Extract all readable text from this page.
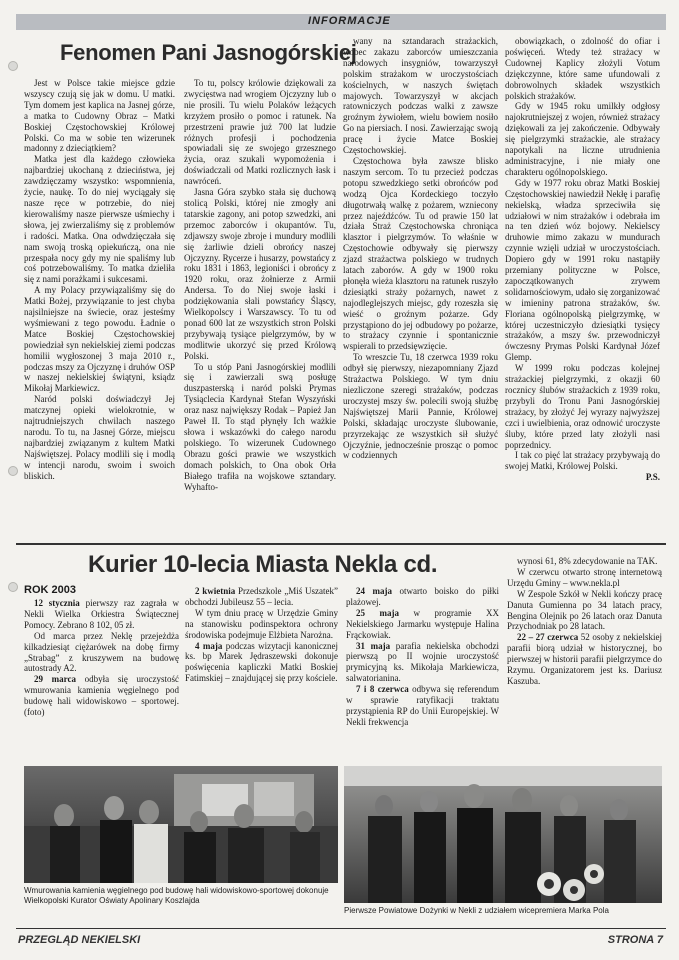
INFORMACJE
Fenomen Pani Jasnogórskiej

Jest w Polsce takie miejsce gdzie wszyscy czują się jak w domu. U matki. Tym domem jest kaplica na Jasnej górze, a matka to Cudowny Obraz – Matki Boskiej Częstochowskiej Królowej Polski. Co ma w sobie ten wizerunek madonny z dzieciątkiem?

Matka jest dla każdego człowieka najbardziej ukochaną z dzieciństwa, jej zawdzięczamy wszystko: wspomnienia, życie, naukę. To do niej wyciągały się nasze ręce w potrzebie, do niej kierowaliśmy nasze pierwsze uśmiechy i słowa, jej zwierzaliśmy się z problemów i radości. Matka. Ona odwdzięczała się nam swoją troską opiekuńczą, ona nie przespała nocy gdy my nie spaliśmy lub coś potrzebowaliśmy. To matka dzieliła się z nami porażkami i sukcesami.

A my Polacy przywiązaliśmy się do Matki Bożej, przywiązanie to jest chyba najsilniejsze na świecie, oraz jesteśmy wyśmiewani z tego powodu. Ładnie o Matce Boskiej Częstochowskiej powiedział syn nekielskiej ziemi podczas homilii wygłoszonej 3 maja 2010 r., podczas mszy za Ojczyznę i druhów OSP w naszej nekielskiej świątyni, ksiądz Mikołaj Markiewicz.

Naród polski doświadczył Jej matczynej opieki wielokrotnie, w najtrudniejszych chwilach naszego narodu. To tu, na Jasnej Górze, miejscu najbardziej związanym z kultem Matki Najświętszej. Polacy modlili się i modlą w intencji narodu, swoim i swoich bliskich.

To tu, polscy królowie dziękowali za zwycięstwa nad wrogiem Ojczyzny lub o nie prosili. Tu wielu Polaków leżących krzyżem prosiło o pomoc i ratunek. Na przestrzeni prawie już 700 lat ludzie różnych profesji i pochodzenia spowiadali się ze swojego grzesznego życia, oraz szukali wypomożenia i doświadczali od Matki rozlicznych łask i nawróceń.

Jasna Góra szybko stała się duchową stolicą Polski, której nie zmogły ani tatarskie zagony, ani potop szwedzki, ani przemoc zaborców i okupantów. Tu, zdjawszy swoje zbroje i mundury modlili się żarliwie dzieli obrońcy naszej Ojczyzny. Rycerze i husarzy, powstańcy z roku 1831 i 1863, legioniści i obrońcy z 1920 roku, oraz żołnierze z Armii Andersa. To do Niej swoje łaski i podziękowania słali powstańcy Śląscy, Wielkopolscy i Warszawscy. To tu od ponad 600 lat ze wszystkich stron Polski przybywają tysiące pielgrzymów, by w modlitwie ukorzyć się przed Królową Polski.

To u stóp Pani Jasnogórskiej modlili się i zawierzali swą posługę duszpasterską i naród polski Prymas Tysiąclecia Kardynał Stefan Wyszyński oraz nasz największy Rodak – Papież Jan Paweł II. To stąd płynęły Ich ważkie słowa i wskazówki do całego narodu polskiego. To wizerunek Cudownego Obrazu gości prawie we wszystkich domach polskich, to Ona obok Orła Białego trafiła na wojskowe sztandary. Wyhafto-

wany na sztandarach strażackich, wobec zakazu zaborców umieszczania narodowych insygniów, towarzyszył polskim strażakom w uroczystościach kościelnych, w naszych świętach majowych. Towarzyszył w akcjach ratowniczych podczas walki z zawsze groźnym żywiołem, wielu bowiem nosiło Go na piersiach. I nosi. Zawierzając swoją pracę i życie Matce Boskiej Częstochowskiej.

Częstochowa była zawsze blisko naszym sercom. To tu przecież podczas potopu szwedzkiego setki obrońców pod wodzą Ojca Kordeckiego toczyło długotrwałą walkę z pożarem, wzniecony przez najeźdźców. Tu od prawie 150 lat działa Straż Częstochowska chroniąca klasztor i pielgrzymów. To właśnie w Częstochowie odbywały się pierwszy zjazd strażactwa polskiego w trudnych latach zaborów. A gdy w 1900 roku płonęła wieża klasztoru na ratunek ruszyło dziesiątki straży pożarnych, nawet z najodleglejszych miejsc, gdy rozeszła się wieść o groźnym pożarze. Gdy przystąpiono do jej odbudowy po pożarze, to strażacy czynnie i spontanicznie wspierali to przedsięwzięcie.

To wreszcie Tu, 18 czerwca 1939 roku odbył się pierwszy, niezapomniany Zjazd Strażactwa Polskiego. W tym dniu niezliczone szeregi strażaków, podczas uroczystej mszy św. polecili swoją służbę Najświętszej Marii Pannie, Królowej Polski, składając uroczyste ślubowanie, przyrzekając ze wszystkich sił służyć Ojczyźnie, jednocześnie prosząc o pomoc w codziennych

obowiązkach, o zdolność do ofiar i poświęceń. Wtedy też strażacy w Cudownej Kaplicy złożyli Votum dziękczynne, które same ufundowali z dobrowolnych składek wszystkich polskich strażaków.

Gdy w 1945 roku umilkły odgłosy najokrutniejszej z wojen, również strażacy dziękowali za jej zakończenie. Odbywały się pielgrzymki strażackie, ale strażacy napotykali na liczne utrudnienia administracyjne, i nie miały one charakteru ogólnopolskiego.

Gdy w 1977 roku obraz Matki Boskiej Częstochowskiej nawiedził Nekłę i parafię nekielską, władza sprzeciwiła się udziałowi w nim strażaków i odebrała im na ten dzień wóz bojowy. Nekielscy druhowie mimo zakazu w mundurach czynnie wzięli udział w uroczystościach. Dopiero gdy w 1991 roku nastąpiły przemiany polityczne w Polsce, zapoczątkowanych zrywem solidarnościowym, udało się zorganizować w imieniny patrona strażaków, św. Floriana ogólnopolską pielgrzymkę, w której uczestniczyło dziesiątki tysięcy strażaków, a mszy św. przewodniczył ówczesny Prymas Polski Kardynał Józef Glemp.

W 1999 roku podczas kolejnej strażackiej pielgrzymki, z okazji 60 rocznicy ślubów strażackich z 1939 roku, przybyli do Tronu Pani Jasnogórskiej strażacy, by złożyć Jej wyrazy najwyższej czci i uwielbienia, oraz odnowić uroczyste śluby, które przed laty złożyli nasi poprzednicy.

I tak co pięć lat strażacy przybywają do swojej Matki, Królowej Polski.

P.S.
Kurier 10-lecia Miasta Nekla cd.
ROK 2003

12 stycznia pierwszy raz zagrała w Nekli Wielka Orkiestra Świątecznej Pomocy. Zebrano 8 102, 05 zł.

Od marca przez Neklę przejeżdża kilkadziesiąt ciężarówek na dobę firmy „Strabag” z kruszywem na budowę autostrady A2.

29 marca odbyła się uroczystość wmurowania kamienia węgielnego pod budowę hali widowiskowo – sportowej. (foto)

2 kwietnia Przedszkole „Miś Uszatek” obchodzi Jubileusz 55 – lecia.

W tym dniu pracę w Urzędzie Gminy na stanowisku podinspektora ochrony środowiska podejmuje Elżbieta Narożna.

4 maja podczas wizytacji kanonicznej ks. bp Marek Jędraszewski dokonuje poświęcenia kapliczki Matki Boskiej Fatimskiej – znajdującej się przy kościele.

24 maja otwarto boisko do piłki plażowej.

25 maja w programie XX Nekielskiego Jarmarku występuje Halina Frąckowiak.

31 maja parafia nekielska obchodzi pierwszą po II wojnie uroczystość prymicyjną ks. Mikołaja Markiewicza, salwatorianina.

7 i 8 czerwca odbywa się referendum w sprawie ratyfikacji traktatu przystąpienia RP do Unii Europejskiej. W Nekli frekwencja

wynosi 61, 8% zdecydowanie na TAK.

W czerwcu otwarto stronę internetową Urzędu Gminy – www.nekla.pl

W Zespole Szkół w Nekli kończy pracę Danuta Gumienna po 34 latach pracy, Bengina Olejnik po 26 latach oraz Danuta Przychodniak po 28 latach.

22 – 27 czerwca 52 osoby z nekielskiej parafii biorą udział w historycznej, bo pierwszej w historii parafii pielgrzymce do Rzymu. Organizatorem jest ks. Dariusz Kaszuba.

Wmurowania kamienia węgielnego pod budowę hali widowiskowo-sportowej dokonuje Wielkopolski Kurator Oświaty Apolinary Koszlajda
Pierwsze Powiatowe Dożynki w Nekli z udziałem wicepremiera Marka Pola
PRZEGLĄD NEKIELSKI	STRONA 7
